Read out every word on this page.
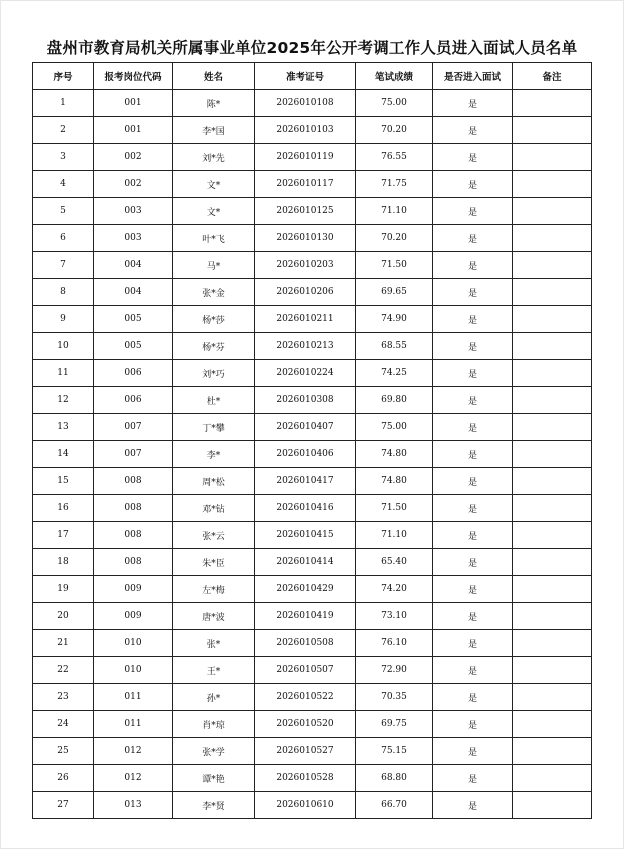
盘州市教育局机关所属事业单位2025年公开考调工作人员进入面试人员名单
序号	报考岗位代码	姓名	准考证号	笔试成绩	是否进入面试	备注
1	001	陈*	2026010108	75.00	是	
2	001	李*国	2026010103	70.20	是	
3	002	刘*先	2026010119	76.55	是	
4	002	文*	2026010117	71.75	是	
5	003	文*	2026010125	71.10	是	
6	003	叶*飞	2026010130	70.20	是	
7	004	马*	2026010203	71.50	是	
8	004	张*金	2026010206	69.65	是	
9	005	杨*莎	2026010211	74.90	是	
10	005	杨*芬	2026010213	68.55	是	
11	006	刘*巧	2026010224	74.25	是	
12	006	杜*	2026010308	69.80	是	
13	007	丁*攀	2026010407	75.00	是	
14	007	李*	2026010406	74.80	是	
15	008	周*松	2026010417	74.80	是	
16	008	邓*钻	2026010416	71.50	是	
17	008	张*云	2026010415	71.10	是	
18	008	朱*臣	2026010414	65.40	是	
19	009	左*梅	2026010429	74.20	是	
20	009	唐*波	2026010419	73.10	是	
21	010	张*	2026010508	76.10	是	
22	010	王*	2026010507	72.90	是	
23	011	孙*	2026010522	70.35	是	
24	011	肖*琼	2026010520	69.75	是	
25	012	张*学	2026010527	75.15	是	
26	012	谭*艳	2026010528	68.80	是	
27	013	李*贤	2026010610	66.70	是	
